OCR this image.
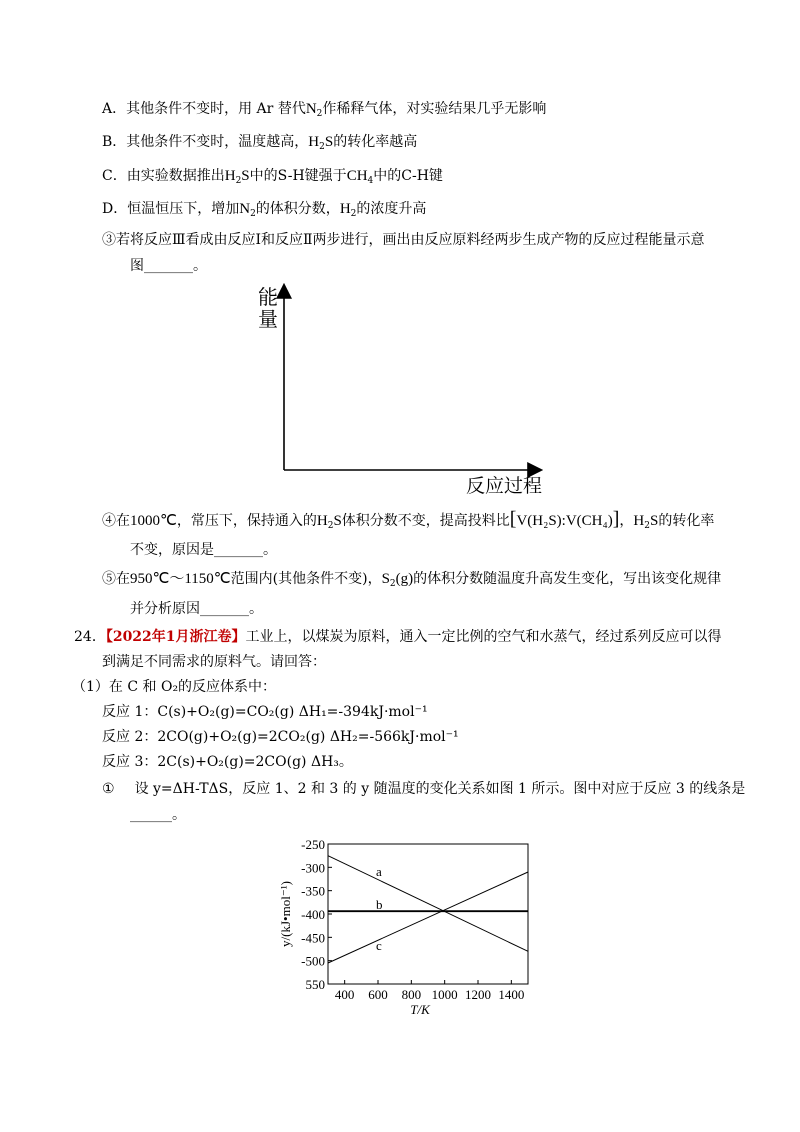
A．其他条件不变时，用 Ar 替代$N_2$作稀释气体，对实验结果几乎无影响
B．其他条件不变时，温度越高，$H_2S$的转化率越高
C．由实验数据推出$H_2S$中的S-H键强于$CH_4$中的C-H键
D．恒温恒压下，增加$N_2$的体积分数，$H_2$的浓度升高
③若将反应Ⅲ看成由反应Ⅰ和反应Ⅱ两步进行，画出由反应原料经两步生成产物的反应过程能量示意
图_______。
能
量
反应过程
④在1000℃，常压下，保持通入的$H_2S$体积分数不变，提高投料比[V(H₂S):V(CH₄)]，$H_2S$的转化率
不变，原因是_______。
⑤在950℃～1150℃范围内(其他条件不变)，$S_2(g)$的体积分数随温度升高发生变化，写出该变化规律
并分析原因_______。
24．【2022年1月浙江卷】工业上，以煤炭为原料，通入一定比例的空气和水蒸气，经过系列反应可以得
到满足不同需求的原料气。请回答：
（1）在 C 和 O₂的反应体系中：
反应 1：C(s)+O₂(g)=CO₂(g) ΔH₁=-394kJ·mol⁻¹
反应 2：2CO(g)+O₂(g)=2CO₂(g) ΔH₂=-566kJ·mol⁻¹
反应 3：2C(s)+O₂(g)=2CO(g) ΔH₃。
① 设 y=ΔH-TΔS，反应 1、2 和 3 的 y 随温度的变化关系如图 1 所示。图中对应于反应 3 的线条是
______。
a
b
c
-250
-300
-350
-400
-450
-500
550
400 600 800 1000 1200 1400
T/K
y/(kJ•mol⁻¹)
